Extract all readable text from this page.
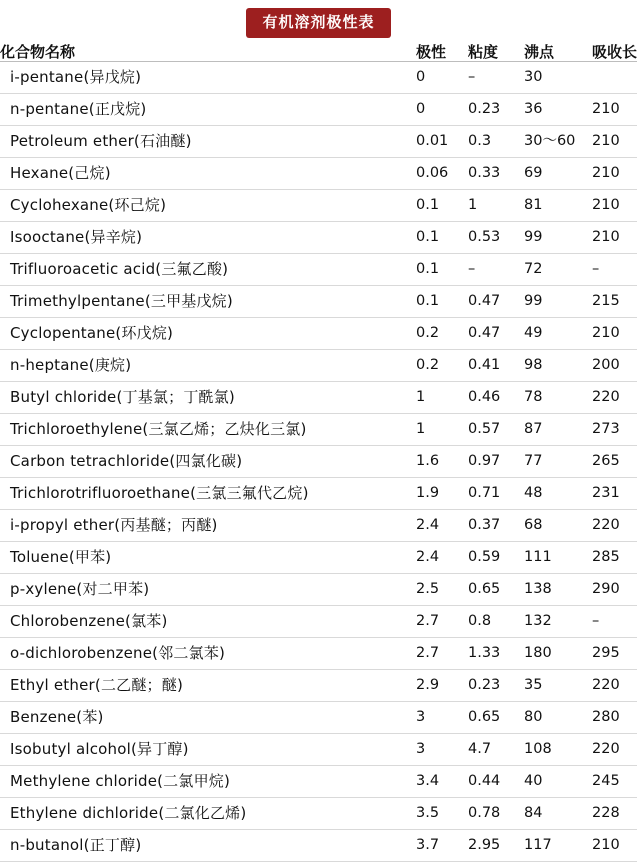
有机溶剂极性表
化合物名称	极性	粘度	沸点	吸收长
i-pentane(异戊烷)	0	–	30	
n-pentane(正戊烷)	0	0.23	36	210
Petroleum ether(石油醚)	0.01	0.3	30～60	210
Hexane(己烷)	0.06	0.33	69	210
Cyclohexane(环己烷)	0.1	1	81	210
Isooctane(异辛烷)	0.1	0.53	99	210
Trifluoroacetic acid(三氟乙酸)	0.1	–	72	–
Trimethylpentane(三甲基戊烷)	0.1	0.47	99	215
Cyclopentane(环戊烷)	0.2	0.47	49	210
n-heptane(庚烷)	0.2	0.41	98	200
Butyl chloride(丁基氯；丁酰氯)	1	0.46	78	220
Trichloroethylene(三氯乙烯；乙炔化三氯)	1	0.57	87	273
Carbon tetrachloride(四氯化碳)	1.6	0.97	77	265
Trichlorotrifluoroethane(三氯三氟代乙烷)	1.9	0.71	48	231
i-propyl ether(丙基醚；丙醚)	2.4	0.37	68	220
Toluene(甲苯)	2.4	0.59	111	285
p-xylene(对二甲苯)	2.5	0.65	138	290
Chlorobenzene(氯苯)	2.7	0.8	132	–
o-dichlorobenzene(邻二氯苯)	2.7	1.33	180	295
Ethyl ether(二乙醚；醚)	2.9	0.23	35	220
Benzene(苯)	3	0.65	80	280
Isobutyl alcohol(异丁醇)	3	4.7	108	220
Methylene chloride(二氯甲烷)	3.4	0.44	40	245
Ethylene dichloride(二氯化乙烯)	3.5	0.78	84	228
n-butanol(正丁醇)	3.7	2.95	117	210
